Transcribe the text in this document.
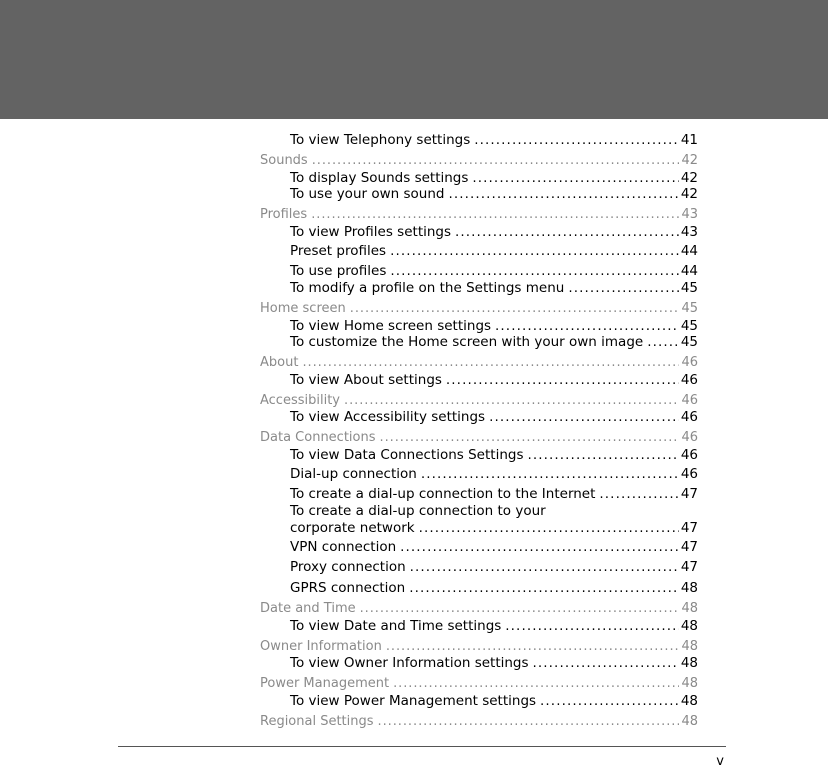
To view Telephony settings . . .	41
Sounds . . .	42
To display Sounds settings . . .	42
To use your own sound . . .	42
Profiles . . .	43
To view Profiles settings . . .	43
Preset profiles . . .	44
To use profiles . . .	44
To modify a profile on the Settings menu . . .	45
Home screen . . .	45
To view Home screen settings . . .	45
To customize the Home screen with your own image . . .	45
About . . .	46
To view About settings . . .	46
Accessibility . . .	46
To view Accessibility settings . . .	46
Data Connections . . .	46
To view Data Connections Settings . . .	46
Dial-up connection . . .	46
To create a dial-up connection to the Internet . . .	47
To create a dial-up connection to your
corporate network . . .	47
VPN connection . . .	47
Proxy connection . . .	47
GPRS connection . . .	48
Date and Time . . .	48
To view Date and Time settings . . .	48
Owner Information . . .	48
To view Owner Information settings . . .	48
Power Management . . .	48
To view Power Management settings . . .	48
Regional Settings . . .	48
v
